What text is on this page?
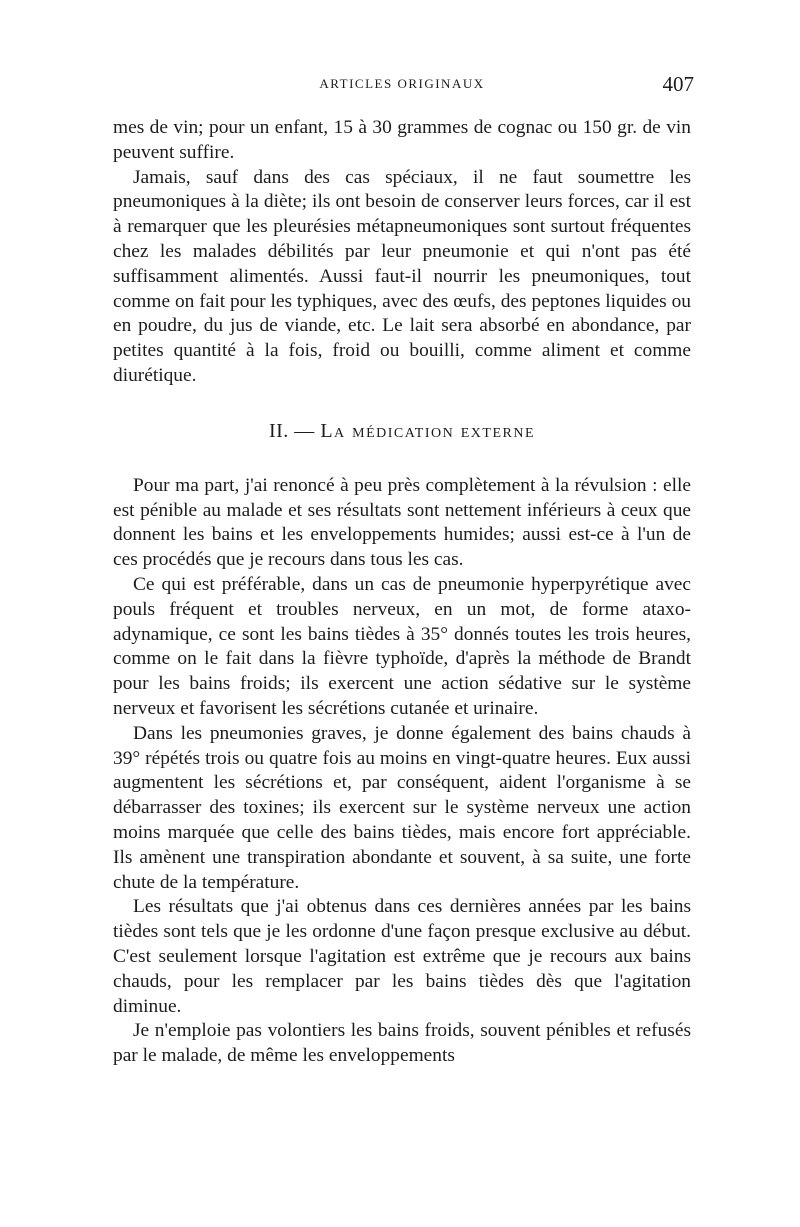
ARTICLES ORIGINAUX	407

mes de vin; pour un enfant, 15 à 30 grammes de cognac ou 150 gr. de vin peuvent suffire.

Jamais, sauf dans des cas spéciaux, il ne faut soumettre les pneumoniques à la diète; ils ont besoin de conserver leurs forces, car il est à remarquer que les pleurésies métapneumoniques sont surtout fréquentes chez les malades débilités par leur pneumonie et qui n'ont pas été suffisamment alimentés. Aussi faut-il nourrir les pneumoniques, tout comme on fait pour les typhiques, avec des œufs, des peptones liquides ou en poudre, du jus de viande, etc. Le lait sera absorbé en abondance, par petites quantité à la fois, froid ou bouilli, comme aliment et comme diurétique.

II. — La médication externe

Pour ma part, j'ai renoncé à peu près complètement à la révulsion : elle est pénible au malade et ses résultats sont nettement inférieurs à ceux que donnent les bains et les enveloppements humides; aussi est-ce à l'un de ces procédés que je recours dans tous les cas.

Ce qui est préférable, dans un cas de pneumonie hyperpyrétique avec pouls fréquent et troubles nerveux, en un mot, de forme ataxo-adynamique, ce sont les bains tièdes à 35° donnés toutes les trois heures, comme on le fait dans la fièvre typhoïde, d'après la méthode de Brandt pour les bains froids; ils exercent une action sédative sur le système nerveux et favorisent les sécrétions cutanée et urinaire.

Dans les pneumonies graves, je donne également des bains chauds à 39° répétés trois ou quatre fois au moins en vingt-quatre heures. Eux aussi augmentent les sécrétions et, par conséquent, aident l'organisme à se débarrasser des toxines; ils exercent sur le système nerveux une action moins marquée que celle des bains tièdes, mais encore fort appréciable. Ils amènent une transpiration abondante et souvent, à sa suite, une forte chute de la température.

Les résultats que j'ai obtenus dans ces dernières années par les bains tièdes sont tels que je les ordonne d'une façon presque exclusive au début. C'est seulement lorsque l'agitation est extrême que je recours aux bains chauds, pour les remplacer par les bains tièdes dès que l'agitation diminue.

Je n'emploie pas volontiers les bains froids, souvent pénibles et refusés par le malade, de même les enveloppements
